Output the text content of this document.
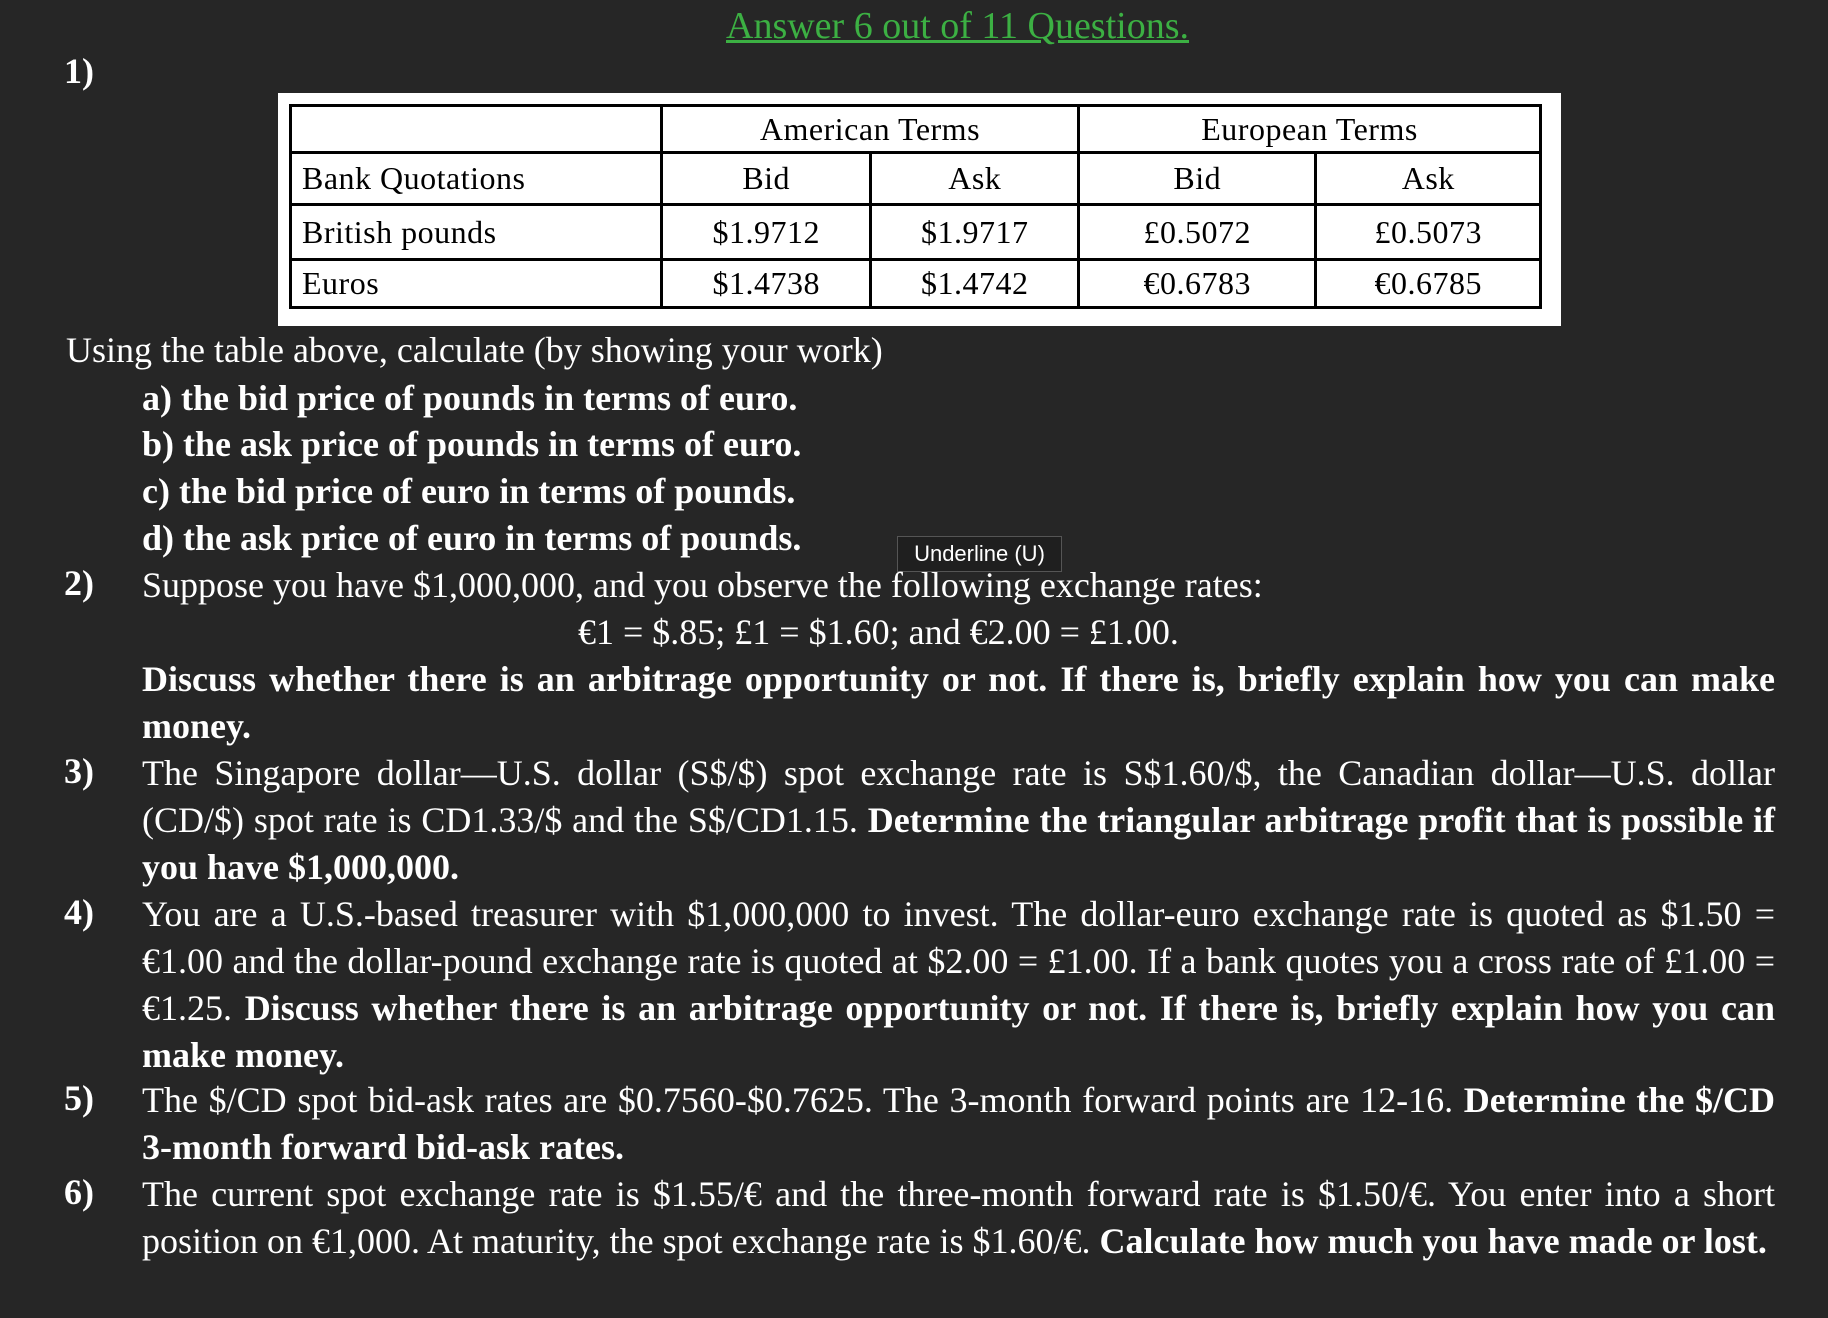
Answer 6 out of 11 Questions.
1)
	American Terms		European Terms	
Bank Quotations	Bid	Ask	Bid	Ask
British pounds	$1.9712	$1.9717	£0.5072	£0.5073
Euros	$1.4738	$1.4742	€0.6783	€0.6785
Using the table above, calculate (by showing your work)
a) the bid price of pounds in terms of euro.
b) the ask price of pounds in terms of euro.
c) the bid price of euro in terms of pounds.
d) the ask price of euro in terms of pounds.	Underline (U)
2) Suppose you have $1,000,000, and you observe the following exchange rates:
€1 = $.85; £1 = $1.60; and €2.00 = £1.00.
Discuss whether there is an arbitrage opportunity or not. If there is, briefly explain how you can make money.
3) The Singapore dollar—U.S. dollar (S$/$) spot exchange rate is S$1.60/$, the Canadian dollar—U.S. dollar (CD/$) spot rate is CD1.33/$ and the S$/CD1.15. Determine the triangular arbitrage profit that is possible if you have $1,000,000.
4) You are a U.S.-based treasurer with $1,000,000 to invest. The dollar-euro exchange rate is quoted as $1.50 = €1.00 and the dollar-pound exchange rate is quoted at $2.00 = £1.00. If a bank quotes you a cross rate of £1.00 = €1.25. Discuss whether there is an arbitrage opportunity or not. If there is, briefly explain how you can make money.
5) The $/CD spot bid-ask rates are $0.7560-$0.7625. The 3-month forward points are 12-16. Determine the $/CD 3-month forward bid-ask rates.
6) The current spot exchange rate is $1.55/€ and the three-month forward rate is $1.50/€. You enter into a short position on €1,000. At maturity, the spot exchange rate is $1.60/€. Calculate how much you have made or lost.
